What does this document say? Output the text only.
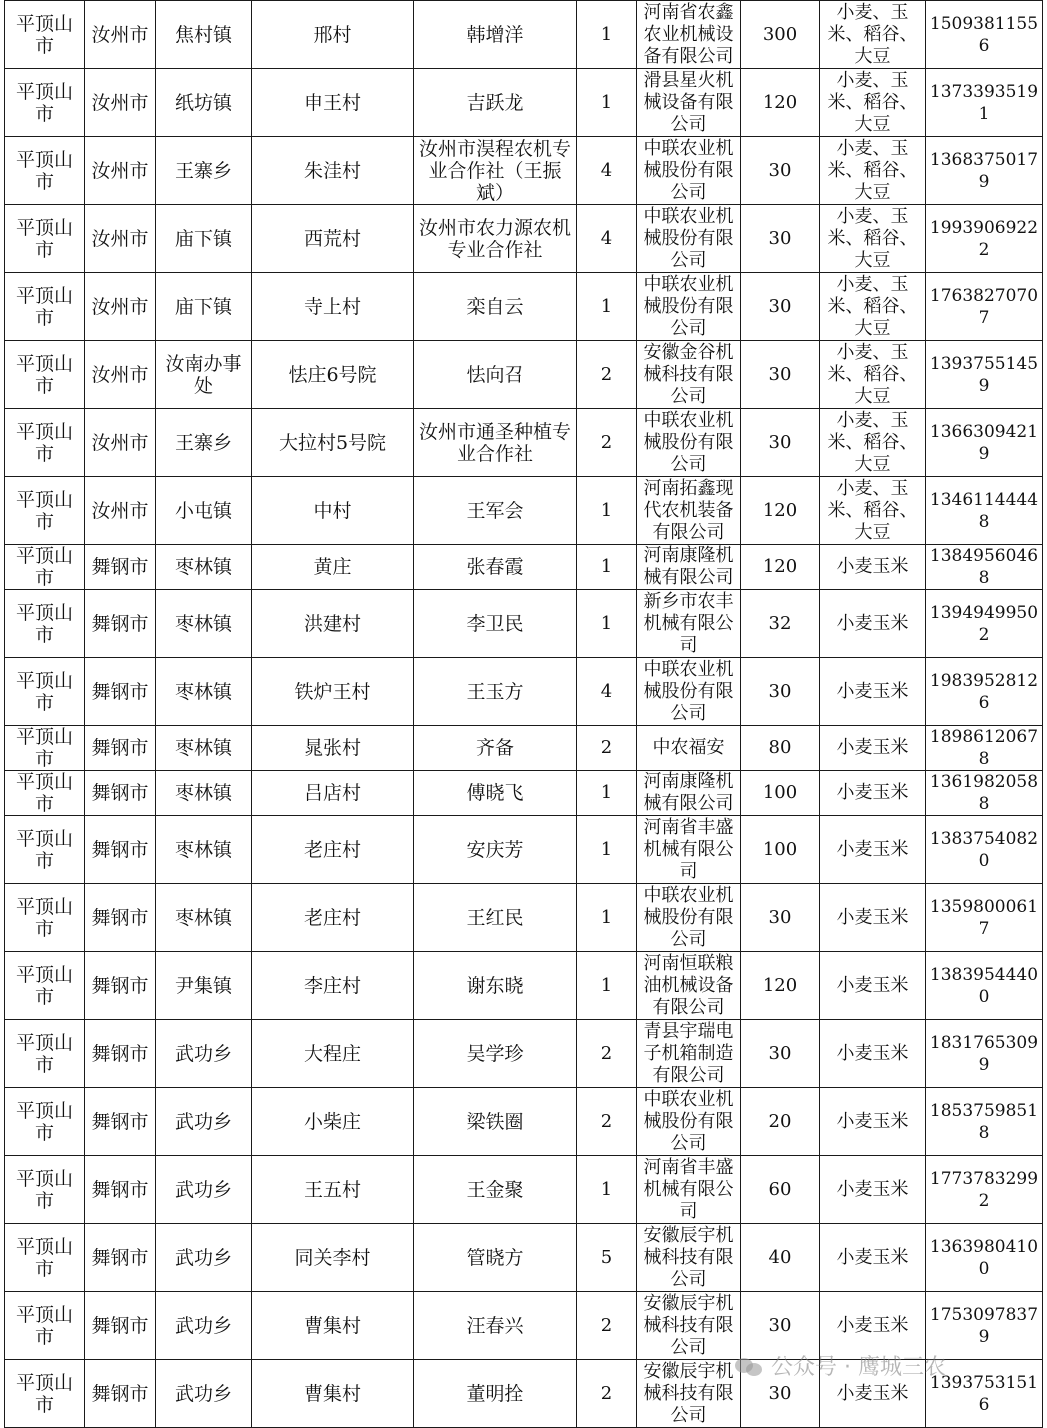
平顶山市	汝州市	焦村镇	邢村	韩增洋	1	河南省农鑫农业机械设备有限公司	300	小麦、玉米、稻谷、大豆	15093811556
平顶山市	汝州市	纸坊镇	申王村	吉跃龙	1	滑县星火机械设备有限公司	120	小麦、玉米、稻谷、大豆	13733935191
平顶山市	汝州市	王寨乡	朱洼村	汝州市淏程农机专业合作社（王振斌）	4	中联农业机械股份有限公司	30	小麦、玉米、稻谷、大豆	13683750179
平顶山市	汝州市	庙下镇	西荒村	汝州市农力源农机专业合作社	4	中联农业机械股份有限公司	30	小麦、玉米、稻谷、大豆	19939069222
平顶山市	汝州市	庙下镇	寺上村	栾自云	1	中联农业机械股份有限公司	30	小麦、玉米、稻谷、大豆	17638270707
平顶山市	汝州市	汝南办事处	怯庄6号院	怯向召	2	安徽金谷机械科技有限公司	30	小麦、玉米、稻谷、大豆	13937551459
平顶山市	汝州市	王寨乡	大拉村5号院	汝州市通圣种植专业合作社	2	中联农业机械股份有限公司	30	小麦、玉米、稻谷、大豆	13663094219
平顶山市	汝州市	小屯镇	中村	王军会	1	河南拓鑫现代农机装备有限公司	120	小麦、玉米、稻谷、大豆	13461144448
平顶山市	舞钢市	枣林镇	黄庄	张春霞	1	河南康隆机械有限公司	120	小麦玉米	13849560468
平顶山市	舞钢市	枣林镇	洪建村	李卫民	1	新乡市农丰机械有限公司	32	小麦玉米	13949499502
平顶山市	舞钢市	枣林镇	铁炉王村	王玉方	4	中联农业机械股份有限公司	30	小麦玉米	19839528126
平顶山市	舞钢市	枣林镇	晁张村	齐备	2	中农福安	80	小麦玉米	18986120678
平顶山市	舞钢市	枣林镇	吕店村	傅晓飞	1	河南康隆机械有限公司	100	小麦玉米	13619820588
平顶山市	舞钢市	枣林镇	老庄村	安庆芳	1	河南省丰盛机械有限公司	100	小麦玉米	13837540820
平顶山市	舞钢市	枣林镇	老庄村	王红民	1	中联农业机械股份有限公司	30	小麦玉米	13598000617
平顶山市	舞钢市	尹集镇	李庄村	谢东晓	1	河南恒联粮油机械设备有限公司	120	小麦玉米	13839544400
平顶山市	舞钢市	武功乡	大程庄	吴学珍	2	青县宇瑞电子机箱制造有限公司	30	小麦玉米	18317653099
平顶山市	舞钢市	武功乡	小柴庄	梁铁圈	2	中联农业机械股份有限公司	20	小麦玉米	18537598518
平顶山市	舞钢市	武功乡	王五村	王金聚	1	河南省丰盛机械有限公司	60	小麦玉米	17737832992
平顶山市	舞钢市	武功乡	同关李村	管晓方	5	安徽辰宇机械科技有限公司	40	小麦玉米	13639804100
平顶山市	舞钢市	武功乡	曹集村	汪春兴	2	安徽辰宇机械科技有限公司	30	小麦玉米	17530978379
平顶山市	舞钢市	武功乡	曹集村	董明拴	2	安徽辰宇机械科技有限公司	30	小麦玉米	13937531516
公众号 · 鹰城三农
